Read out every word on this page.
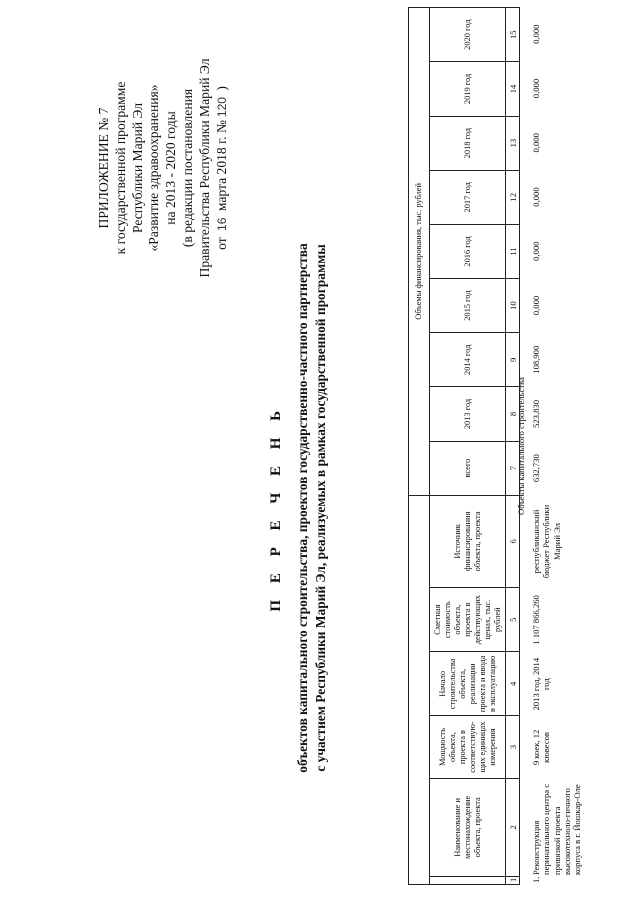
ПРИЛОЖЕНИЕ № 7 к государственной программе Республики Марий Эл «Развитие здравоохранения» на 2013 - 2020 годы (в редакции постановления Правительства Республики Марий Эл от 16 марта 2018 г. №120 )
П Е Р Е Ч Е Н Ь объектов капитального строительства, проектов государственно-частного партнерства с участием Республики Марий Эл, реализуемых в рамках государственной программы
						Объемы финансирования, тыс. рублей								
	Наименование и местонахождение объекта, проекта	Мощность объекта, проекта в соответствую-щих единицах измерения	Начало строительства объекта, реализации проекта и ввода в эксплуатацию	Сметная стоимость объекта, проекта в действующих ценах, тыс. рублей	Источник финансирования объекта, проекта	всего	2013 год	2014 год	2015 год	2016 год	2017 год	2018 год	2019 год	2020 год
1	2	3	4	5	6	7	8	9	10	11	12	13	14	15
Объекты капитального строительства
1.	Реконструкция перинатального центра с привязкой проекта высокотехноло-гичного корпуса в г. Йошкар-Оле	9 коек, 12 кювесов	2013 год, 2014 год	1 107 866,260	республиканский бюджет Республики Марий Эл	632,730	523,830	108,900	0,000	0,000	0,000	0,000	0,000	0,000
